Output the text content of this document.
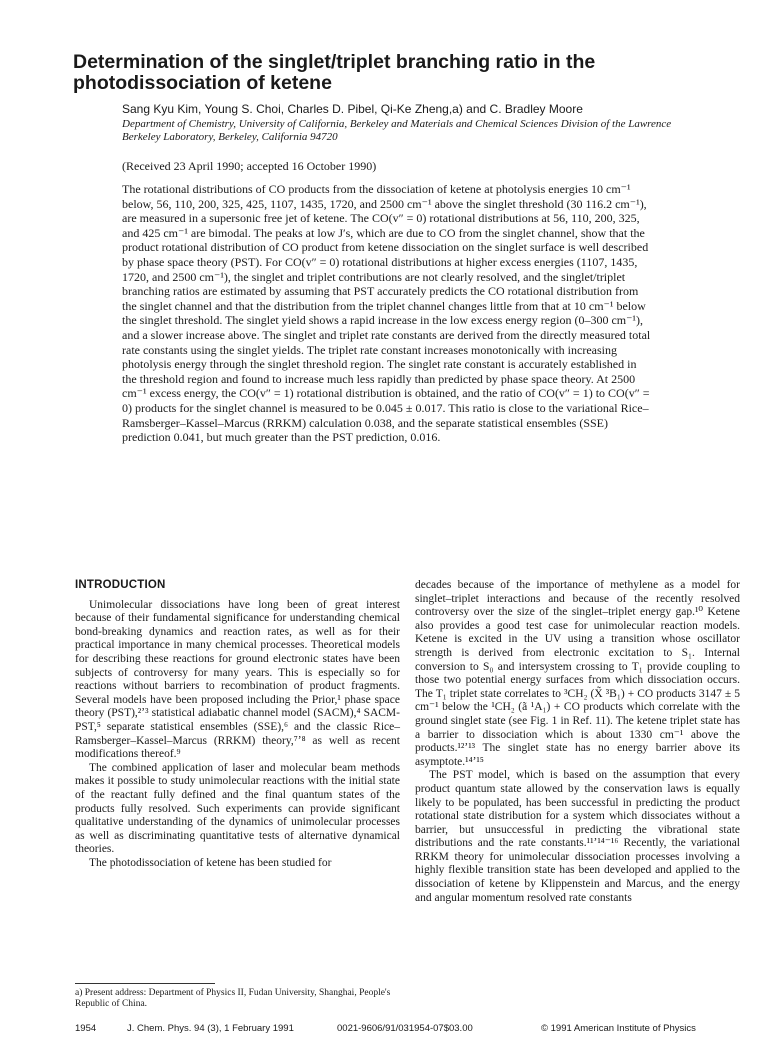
Determination of the singlet/triplet branching ratio in the photodissociation of ketene
Sang Kyu Kim, Young S. Choi, Charles D. Pibel, Qi-Ke Zheng,a) and C. Bradley Moore
Department of Chemistry, University of California, Berkeley and Materials and Chemical Sciences Division of the Lawrence Berkeley Laboratory, Berkeley, California 94720
(Received 23 April 1990; accepted 16 October 1990)

The rotational distributions of CO products from the dissociation of ketene at photolysis energies 10 cm⁻¹ below, 56, 110, 200, 325, 425, 1107, 1435, 1720, and 2500 cm⁻¹ above the singlet threshold (30 116.2 cm⁻¹), are measured in a supersonic free jet of ketene. The CO(v″ = 0) rotational distributions at 56, 110, 200, 325, and 425 cm⁻¹ are bimodal. The peaks at low J′s, which are due to CO from the singlet channel, show that the product rotational distribution of CO product from ketene dissociation on the singlet surface is well described by phase space theory (PST). For CO(v″ = 0) rotational distributions at higher excess energies (1107, 1435, 1720, and 2500 cm⁻¹), the singlet and triplet contributions are not clearly resolved, and the singlet/triplet branching ratios are estimated by assuming that PST accurately predicts the CO rotational distribution from the singlet channel and that the distribution from the triplet channel changes little from that at 10 cm⁻¹ below the singlet threshold. The singlet yield shows a rapid increase in the low excess energy region (0–300 cm⁻¹), and a slower increase above. The singlet and triplet rate constants are derived from the directly measured total rate constants using the singlet yields. The triplet rate constant increases monotonically with increasing photolysis energy through the singlet threshold region. The singlet rate constant is accurately established in the threshold region and found to increase much less rapidly than predicted by phase space theory. At 2500 cm⁻¹ excess energy, the CO(v″ = 1) rotational distribution is obtained, and the ratio of CO(v″ = 1) to CO(v″ = 0) products for the singlet channel is measured to be 0.045 ± 0.017. This ratio is close to the variational Rice–Ramsberger–Kassel–Marcus (RRKM) calculation 0.038, and the separate statistical ensembles (SSE) prediction 0.041, but much greater than the PST prediction, 0.016.

INTRODUCTION

Unimolecular dissociations have long been of great interest because of their fundamental significance for understanding chemical bond-breaking dynamics and reaction rates, as well as for their practical importance in many chemical processes. Theoretical models for describing these reactions for ground electronic states have been subjects of controversy for many years. This is especially so for reactions without barriers to recombination of product fragments. Several models have been proposed including the Prior,¹ phase space theory (PST),²ʼ³ statistical adiabatic channel model (SACM),⁴ SACM-PST,⁵ separate statistical ensembles (SSE),⁶ and the classic Rice–Ramsberger–Kassel–Marcus (RRKM) theory,⁷ʼ⁸ as well as recent modifications thereof.⁹

The combined application of laser and molecular beam methods makes it possible to study unimolecular reactions with the initial state of the reactant fully defined and the final quantum states of the products fully resolved. Such experiments can provide significant qualitative understanding of the dynamics of unimolecular processes as well as discriminating quantitative tests of alternative dynamical theories.

The photodissociation of ketene has been studied for

decades because of the importance of methylene as a model for singlet–triplet interactions and because of the recently resolved controversy over the size of the singlet–triplet energy gap.¹⁰ Ketene also provides a good test case for unimolecular reaction models. Ketene is excited in the UV using a transition whose oscillator strength is derived from electronic excitation to S₁. Internal conversion to S₀ and intersystem crossing to T₁ provide coupling to those two potential energy surfaces from which dissociation occurs. The T₁ triplet state correlates to ³CH₂ (X̃ ³B₁) + CO products 3147 ± 5 cm⁻¹ below the ¹CH₂ (ã ¹A₁) + CO products which correlate with the ground singlet state (see Fig. 1 in Ref. 11). The ketene triplet state has a barrier to dissociation which is about 1330 cm⁻¹ above the products.¹²ʼ¹³ The singlet state has no energy barrier above its asymptote.¹⁴ʼ¹⁵

The PST model, which is based on the assumption that every product quantum state allowed by the conservation laws is equally likely to be populated, has been successful in predicting the product rotational state distribution for a system which dissociates without a barrier, but unsuccessful in predicting the vibrational state distributions and the rate constants.¹¹ʼ¹⁴⁻¹⁶ Recently, the variational RRKM theory for unimolecular dissociation processes involving a highly flexible transition state has been developed and applied to the dissociation of ketene by Klippenstein and Marcus, and the energy and angular momentum resolved rate constants

a) Present address: Department of Physics II, Fudan University, Shanghai, People's Republic of China.
1954	J. Chem. Phys. 94 (3), 1 February 1991	0021-9606/91/031954-07$03.00	© 1991 American Institute of Physics
